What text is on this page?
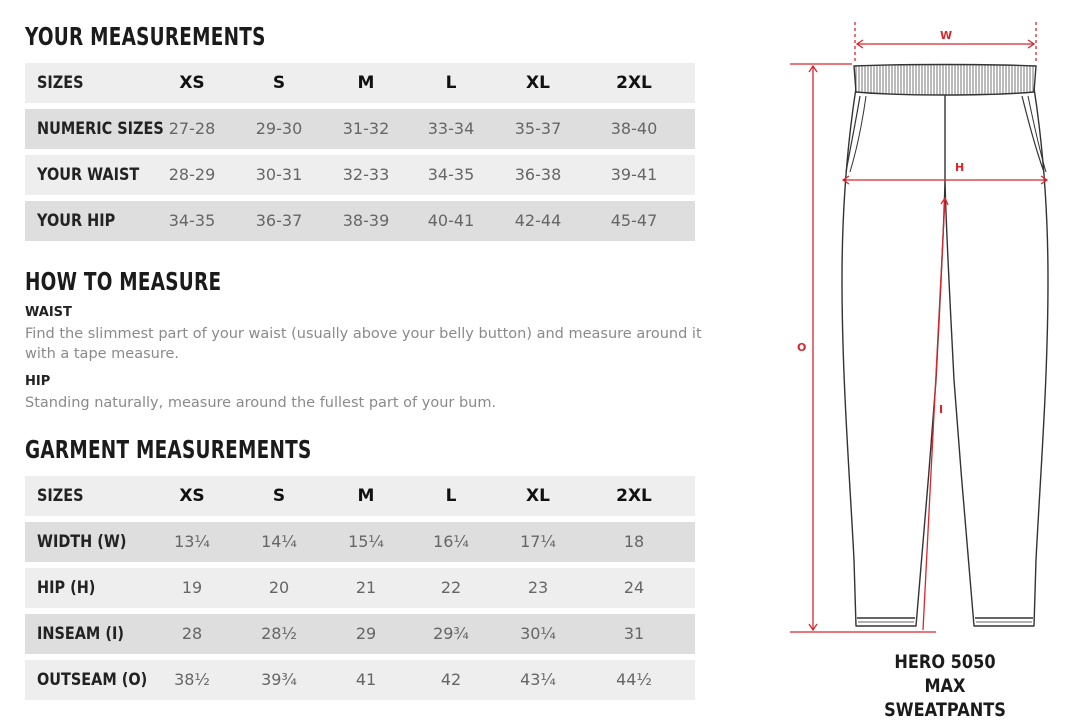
YOUR MEASUREMENTS
SIZES	XS	S	M	L	XL	2XL
NUMERIC SIZES 27-28	29-30	31-32	33-34	35-37	38-40
YOUR WAIST	28-29	30-31	32-33	34-35	36-38	39-41
YOUR HIP	34-35	36-37	38-39	40-41	42-44	45-47
HOW TO MEASURE
WAIST

Find the slimmest part of your waist (usually above your belly button) and measure around it with a tape measure.

HIP

Standing naturally, measure around the fullest part of your bum.

GARMENT MEASUREMENTS
SIZES	XS	S	M	L	XL	2XL
WIDTH (W)	13¼	14¼	15¼	16¼	17¼	18
HIP (H)	19	20	21	22	23	24
INSEAM (I)	28	28½	29	29¾	30¼	31
OUTSEAM (O)	38½	39¾	41	42	43¼	44½
W
H
O
I
HERO 5050 MAX
SWEATPANTS
